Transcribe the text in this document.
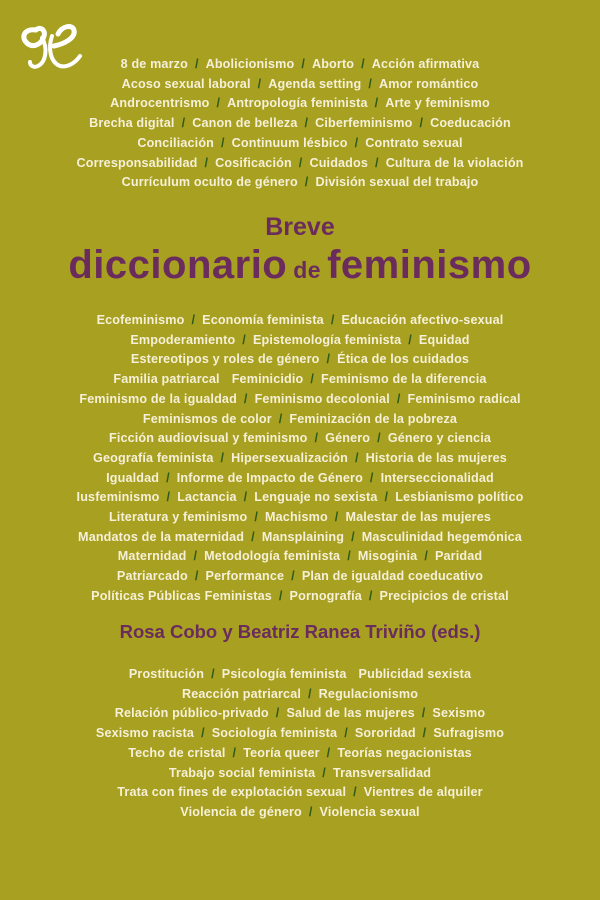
8 de marzo / Abolicionismo / Aborto / Acción afirmativa
Acoso sexual laboral / Agenda setting / Amor romántico
Androcentrismo / Antropología feminista / Arte y feminismo
Brecha digital / Canon de belleza / Ciberfeminismo / Coeducación
Conciliación / Continuum lésbico / Contrato sexual
Corresponsabilidad / Cosificación / Cuidados / Cultura de la violación
Currículum oculto de género / División sexual del trabajo
Breve
diccionario de feminismo
Ecofeminismo / Economía feminista / Educación afectivo-sexual
Empoderamiento / Epistemología feminista / Equidad
Estereotipos y roles de género / Ética de los cuidados
Familia patriarcal Feminicidio / Feminismo de la diferencia
Feminismo de la igualdad / Feminismo decolonial / Feminismo radical
Feminismos de color / Feminización de la pobreza
Ficción audiovisual y feminismo / Género / Género y ciencia
Geografía feminista / Hipersexualización / Historia de las mujeres
Igualdad / Informe de Impacto de Género / Interseccionalidad
Iusfeminismo / Lactancia / Lenguaje no sexista / Lesbianismo político
Literatura y feminismo / Machismo / Malestar de las mujeres
Mandatos de la maternidad / Mansplaining / Masculinidad hegemónica
Maternidad / Metodología feminista / Misoginia / Paridad
Patriarcado / Performance / Plan de igualdad coeducativo
Políticas Públicas Feministas / Pornografía / Precipicios de cristal
Rosa Cobo y Beatriz Ranea Triviño (eds.)
Prostitución / Psicología feminista Publicidad sexista
Reacción patriarcal / Regulacionismo
Relación público-privado / Salud de las mujeres / Sexismo
Sexismo racista / Sociología feminista / Sororidad / Sufragismo
Techo de cristal / Teoría queer / Teorías negacionistas
Trabajo social feminista / Transversalidad
Trata con fines de explotación sexual / Vientres de alquiler
Violencia de género / Violencia sexual
